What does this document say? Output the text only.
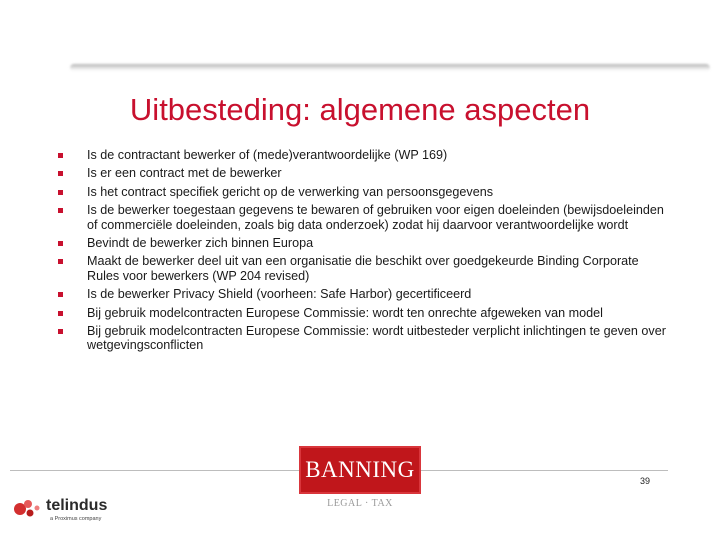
Uitbesteding: algemene aspecten
Is de contractant bewerker of (mede)verantwoordelijke (WP 169)
Is er een contract met de bewerker
Is het contract specifiek gericht op de verwerking van persoonsgegevens
Is de bewerker toegestaan gegevens te bewaren of gebruiken voor eigen doeleinden (bewijsdoeleinden of commerciële doeleinden, zoals big data onderzoek) zodat hij daarvoor verantwoordelijke wordt
Bevindt de bewerker zich binnen Europa
Maakt de bewerker deel uit van een organisatie die beschikt over goedgekeurde Binding Corporate Rules voor bewerkers (WP 204 revised)
Is de bewerker Privacy Shield (voorheen: Safe Harbor) gecertificeerd
Bij gebruik modelcontracten Europese Commissie: wordt ten onrechte afgeweken van model
Bij gebruik modelcontracten Europese Commissie: wordt uitbesteder verplicht inlichtingen te geven over wetgevingsconflicten
39
BANNING
LEGAL · TAX
telindus
a Proximus company
